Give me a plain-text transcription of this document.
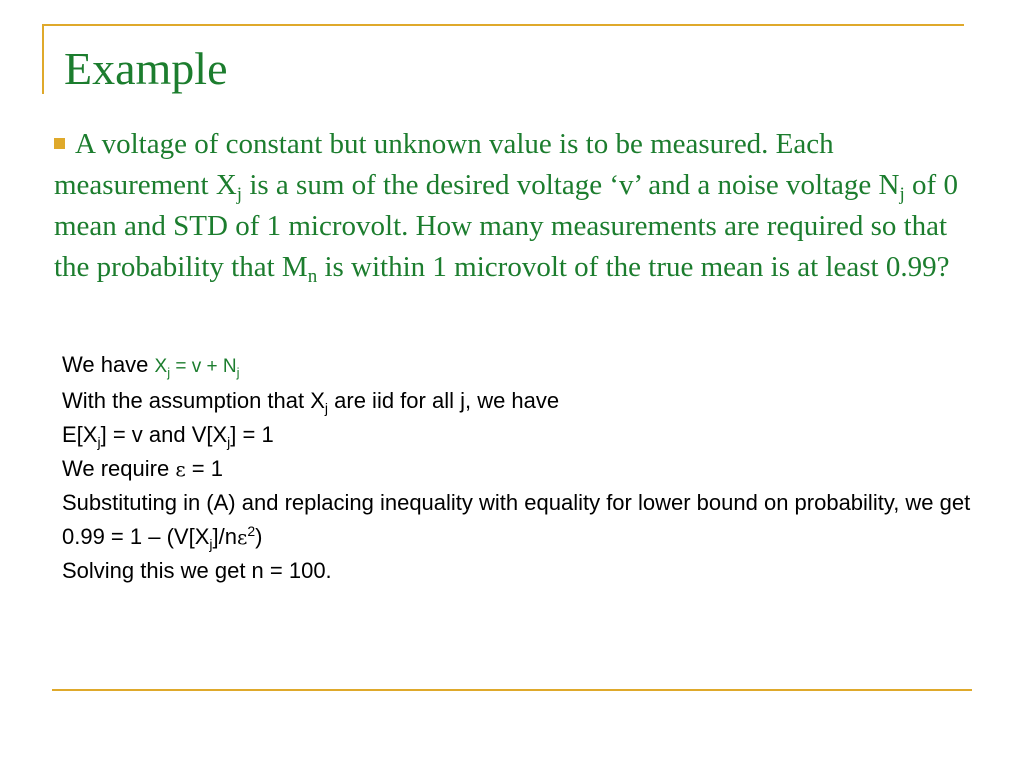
Example
A voltage of constant but unknown value is to be measured. Each measurement $X_j$ is a sum of the desired voltage ‘v’ and a noise voltage $N_j$ of 0 mean and STD of 1 microvolt. How many measurements are required so that the probability that $M_n$ is within 1 microvolt of the true mean is at least 0.99?
We have $X_j = v + N_j$
With the assumption that $X_j$ are iid for all j, we have
$E[X_j] = v$ and $V[X_j] = 1$
We require ε = 1
Substituting in (A) and replacing inequality with equality for lower bound on probability, we get
$0.99 = 1 - (V[X_j]/n\varepsilon^2)$
Solving this we get n = 100.
